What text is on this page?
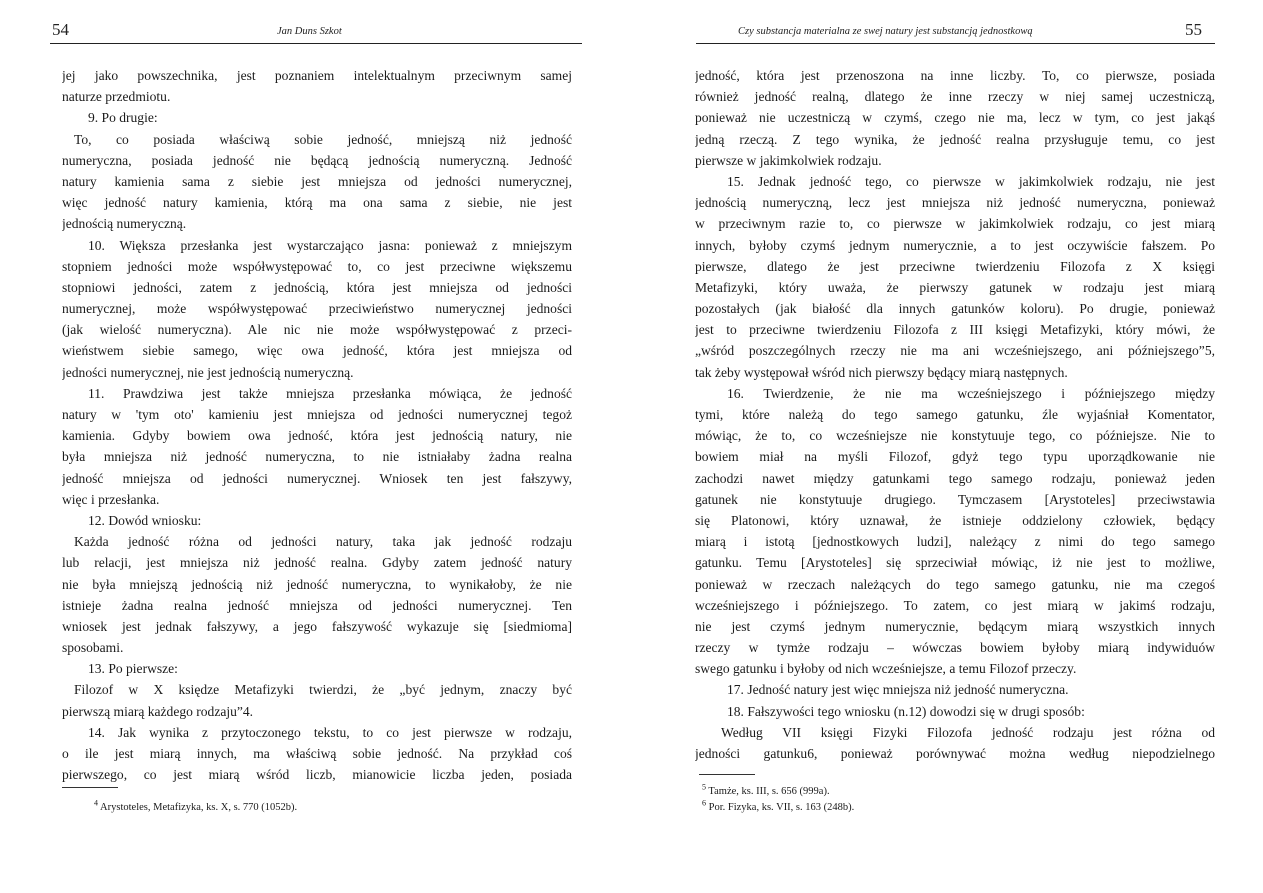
54	Jan Duns Szkot
jej jako powszechnika, jest poznaniem intelektualnym przeciwnym samej
naturze przedmiotu.
9. Po drugie:
To, co posiada właściwą sobie jedność, mniejszą niż jedność
numeryczna, posiada jedność nie będącą jednością numeryczną. Jedność
natury kamienia sama z siebie jest mniejsza od jedności numerycznej,
więc jedność natury kamienia, którą ma ona sama z siebie, nie jest
jednością numeryczną.
10. Większa przesłanka jest wystarczająco jasna: ponieważ z mniejszym
stopniem jedności może współwystępować to, co jest przeciwne większemu
stopniowi jedności, zatem z jednością, która jest mniejsza od jedności
numerycznej, może współwystępować przeciwieństwo numerycznej jedności
(jak wielość numeryczna). Ale nic nie może współwystępować z przeci-
wieństwem siebie samego, więc owa jedność, która jest mniejsza od
jedności numerycznej, nie jest jednością numeryczną.
11. Prawdziwa jest także mniejsza przesłanka mówiąca, że jedność
natury w 'tym oto' kamieniu jest mniejsza od jedności numerycznej tegoż
kamienia. Gdyby bowiem owa jedność, która jest jednością natury, nie
była mniejsza niż jedność numeryczna, to nie istniałaby żadna realna
jedność mniejsza od jedności numerycznej. Wniosek ten jest fałszywy,
więc i przesłanka.
12. Dowód wniosku:
Każda jedność różna od jedności natury, taka jak jedność rodzaju
lub relacji, jest mniejsza niż jedność realna. Gdyby zatem jedność natury
nie była mniejszą jednością niż jedność numeryczna, to wynikałoby, że nie
istnieje żadna realna jedność mniejsza od jedności numerycznej. Ten
wniosek jest jednak fałszywy, a jego fałszywość wykazuje się [siedmioma]
sposobami.
13. Po pierwsze:
Filozof w X księdze Metafizyki twierdzi, że „być jednym, znaczy być
pierwszą miarą każdego rodzaju”4.
14. Jak wynika z przytoczonego tekstu, to co jest pierwsze w rodzaju,
o ile jest miarą innych, ma właściwą sobie jedność. Na przykład coś
pierwszego, co jest miarą wśród liczb, mianowicie liczba jeden, posiada
$^4$ Arystoteles, Metafizyka, ks. X, s. 770 (1052b).
Czy substancja materialna ze swej natury jest substancją jednostkową	55
jedność, która jest przenoszona na inne liczby. To, co pierwsze, posiada
również jedność realną, dlatego że inne rzeczy w niej samej uczestniczą,
ponieważ nie uczestniczą w czymś, czego nie ma, lecz w tym, co jest jakąś
jedną rzeczą. Z tego wynika, że jedność realna przysługuje temu, co jest
pierwsze w jakimkolwiek rodzaju.
15. Jednak jedność tego, co pierwsze w jakimkolwiek rodzaju, nie jest
jednością numeryczną, lecz jest mniejsza niż jedność numeryczna, ponieważ
w przeciwnym razie to, co pierwsze w jakimkolwiek rodzaju, co jest miarą
innych, byłoby czymś jednym numerycznie, a to jest oczywiście fałszem. Po
pierwsze, dlatego że jest przeciwne twierdzeniu Filozofa z X księgi
Metafizyki, który uważa, że pierwszy gatunek w rodzaju jest miarą
pozostałych (jak białość dla innych gatunków koloru). Po drugie, ponieważ
jest to przeciwne twierdzeniu Filozofa z III księgi Metafizyki, który mówi, że
„wśród poszczególnych rzeczy nie ma ani wcześniejszego, ani późniejszego”5,
tak żeby występował wśród nich pierwszy będący miarą następnych.
16. Twierdzenie, że nie ma wcześniejszego i późniejszego między
tymi, które należą do tego samego gatunku, źle wyjaśniał Komentator,
mówiąc, że to, co wcześniejsze nie konstytuuje tego, co późniejsze. Nie to
bowiem miał na myśli Filozof, gdyż tego typu uporządkowanie nie
zachodzi nawet między gatunkami tego samego rodzaju, ponieważ jeden
gatunek nie konstytuuje drugiego. Tymczasem [Arystoteles] przeciwstawia
się Platonowi, który uznawał, że istnieje oddzielony człowiek, będący
miarą i istotą [jednostkowych ludzi], należący z nimi do tego samego
gatunku. Temu [Arystoteles] się sprzeciwiał mówiąc, iż nie jest to możliwe,
ponieważ w rzeczach należących do tego samego gatunku, nie ma czegoś
wcześniejszego i późniejszego. To zatem, co jest miarą w jakimś rodzaju,
nie jest czymś jednym numerycznie, będącym miarą wszystkich innych
rzeczy w tymże rodzaju – wówczas bowiem byłoby miarą indywiduów
swego gatunku i byłoby od nich wcześniejsze, a temu Filozof przeczy.
17. Jedność natury jest więc mniejsza niż jedność numeryczna.
18. Fałszywości tego wniosku (n.12) dowodzi się w drugi sposób:
Według VII księgi Fizyki Filozofa jedność rodzaju jest różna od
jedności gatunku6, ponieważ porównywać można według niepodzielnego
$^5$ Tamże, ks. III, s. 656 (999a).
$^6$ Por. Fizyka, ks. VII, s. 163 (248b).
